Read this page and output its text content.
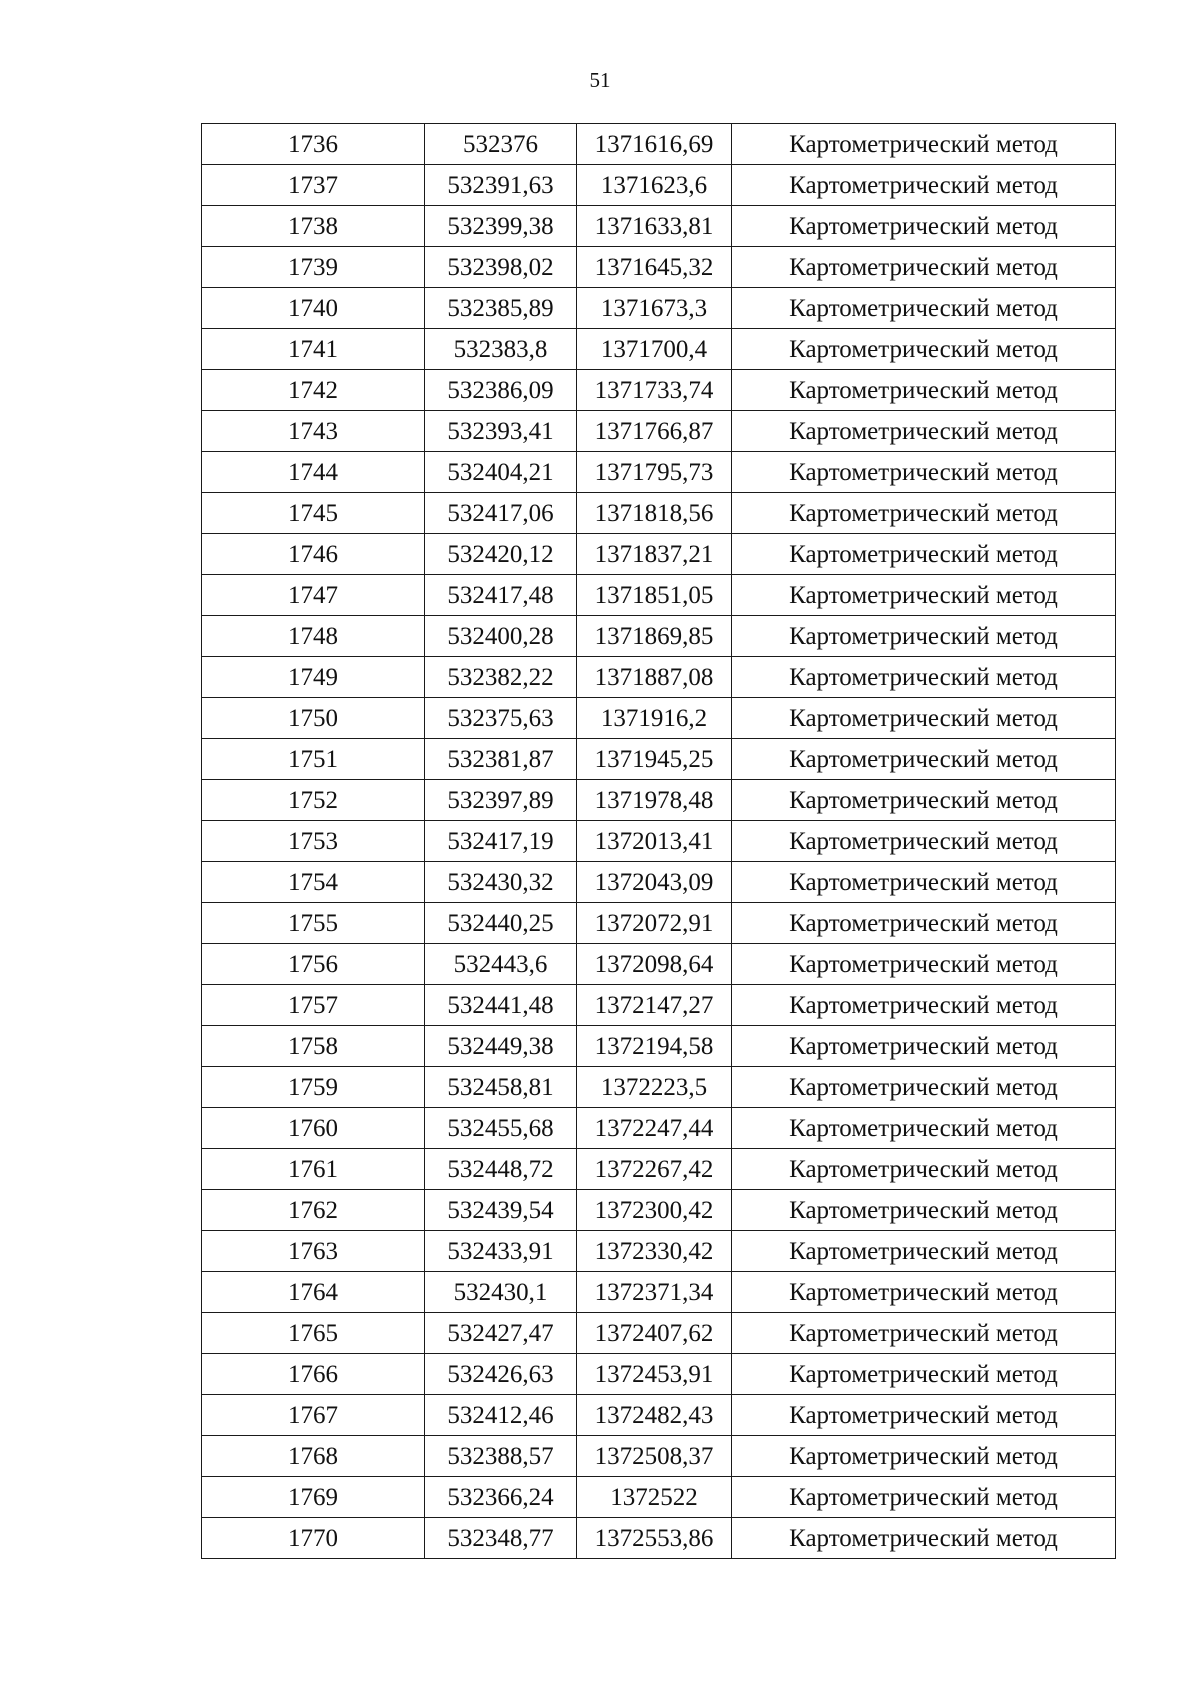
51
1736	532376	1371616,69	Картометрический метод
1737	532391,63	1371623,6	Картометрический метод
1738	532399,38	1371633,81	Картометрический метод
1739	532398,02	1371645,32	Картометрический метод
1740	532385,89	1371673,3	Картометрический метод
1741	532383,8	1371700,4	Картометрический метод
1742	532386,09	1371733,74	Картометрический метод
1743	532393,41	1371766,87	Картометрический метод
1744	532404,21	1371795,73	Картометрический метод
1745	532417,06	1371818,56	Картометрический метод
1746	532420,12	1371837,21	Картометрический метод
1747	532417,48	1371851,05	Картометрический метод
1748	532400,28	1371869,85	Картометрический метод
1749	532382,22	1371887,08	Картометрический метод
1750	532375,63	1371916,2	Картометрический метод
1751	532381,87	1371945,25	Картометрический метод
1752	532397,89	1371978,48	Картометрический метод
1753	532417,19	1372013,41	Картометрический метод
1754	532430,32	1372043,09	Картометрический метод
1755	532440,25	1372072,91	Картометрический метод
1756	532443,6	1372098,64	Картометрический метод
1757	532441,48	1372147,27	Картометрический метод
1758	532449,38	1372194,58	Картометрический метод
1759	532458,81	1372223,5	Картометрический метод
1760	532455,68	1372247,44	Картометрический метод
1761	532448,72	1372267,42	Картометрический метод
1762	532439,54	1372300,42	Картометрический метод
1763	532433,91	1372330,42	Картометрический метод
1764	532430,1	1372371,34	Картометрический метод
1765	532427,47	1372407,62	Картометрический метод
1766	532426,63	1372453,91	Картометрический метод
1767	532412,46	1372482,43	Картометрический метод
1768	532388,57	1372508,37	Картометрический метод
1769	532366,24	1372522	Картометрический метод
1770	532348,77	1372553,86	Картометрический метод
